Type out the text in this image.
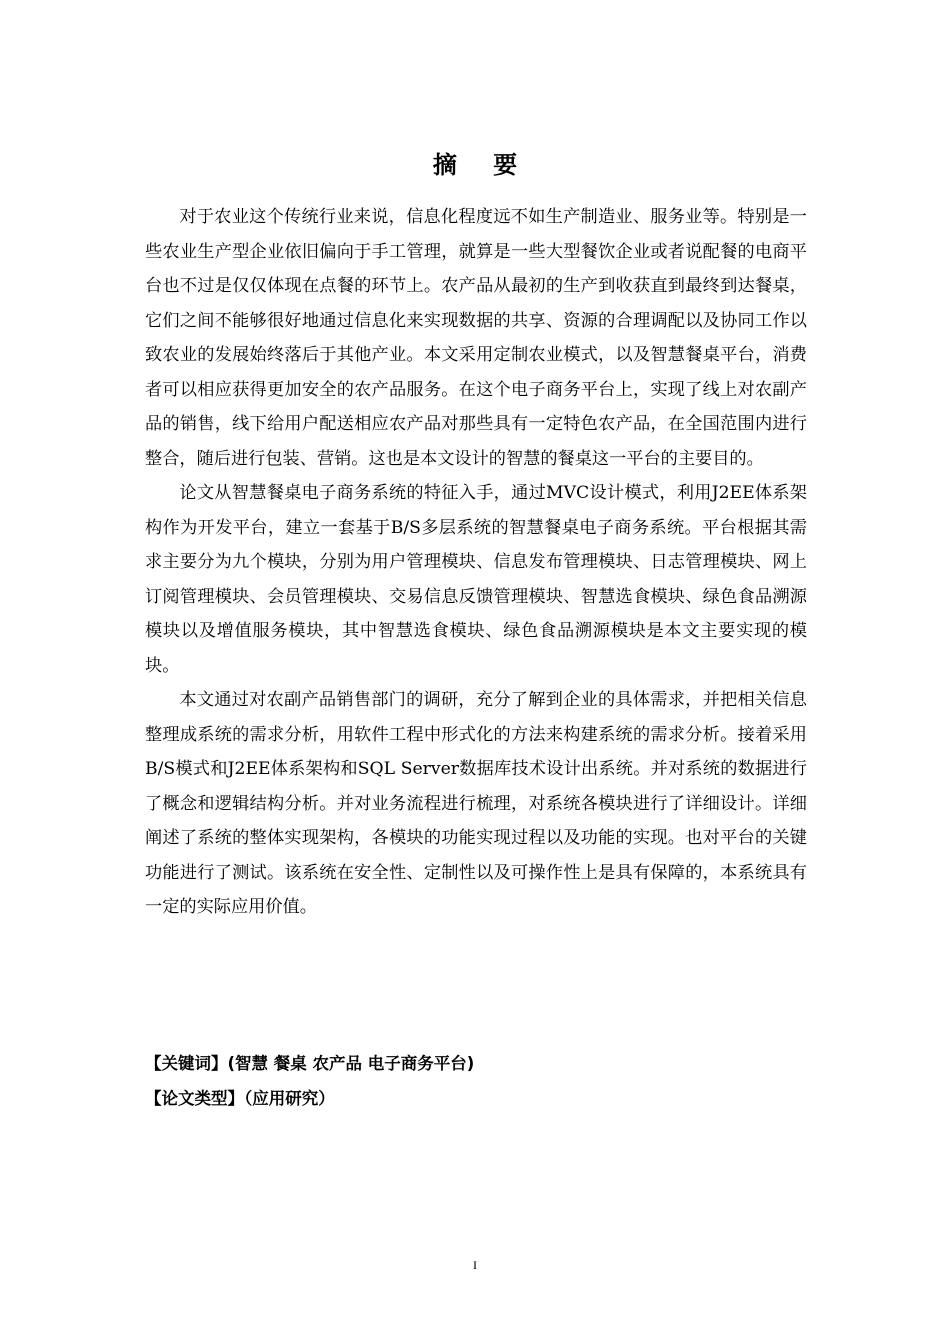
摘 要

对于农业这个传统行业来说，信息化程度远不如生产制造业、服务业等。特别是一些农业生产型企业依旧偏向于手工管理，就算是一些大型餐饮企业或者说配餐的电商平台也不过是仅仅体现在点餐的环节上。农产品从最初的生产到收获直到最终到达餐桌，它们之间不能够很好地通过信息化来实现数据的共享、资源的合理调配以及协同工作以致农业的发展始终落后于其他产业。本文采用定制农业模式，以及智慧餐桌平台，消费者可以相应获得更加安全的农产品服务。在这个电子商务平台上，实现了线上对农副产品的销售，线下给用户配送相应农产品对那些具有一定特色农产品，在全国范围内进行整合，随后进行包装、营销。这也是本文设计的智慧的餐桌这一平台的主要目的。

论文从智慧餐桌电子商务系统的特征入手，通过MVC设计模式，利用J2EE体系架构作为开发平台，建立一套基于B/S多层系统的智慧餐桌电子商务系统。平台根据其需求主要分为九个模块，分别为用户管理模块、信息发布管理模块、日志管理模块、网上订阅管理模块、会员管理模块、交易信息反馈管理模块、智慧选食模块、绿色食品溯源模块以及增值服务模块，其中智慧选食模块、绿色食品溯源模块是本文主要实现的模块。

本文通过对农副产品销售部门的调研，充分了解到企业的具体需求，并把相关信息整理成系统的需求分析，用软件工程中形式化的方法来构建系统的需求分析。接着采用B/S模式和J2EE体系架构和SQL Server数据库技术设计出系统。并对系统的数据进行了概念和逻辑结构分析。并对业务流程进行梳理，对系统各模块进行了详细设计。详细阐述了系统的整体实现架构，各模块的功能实现过程以及功能的实现。也对平台的关键功能进行了测试。该系统在安全性、定制性以及可操作性上是具有保障的，本系统具有一定的实际应用价值。

【关键词】(智慧 餐桌 农产品 电子商务平台)
【论文类型】（应用研究）
I
